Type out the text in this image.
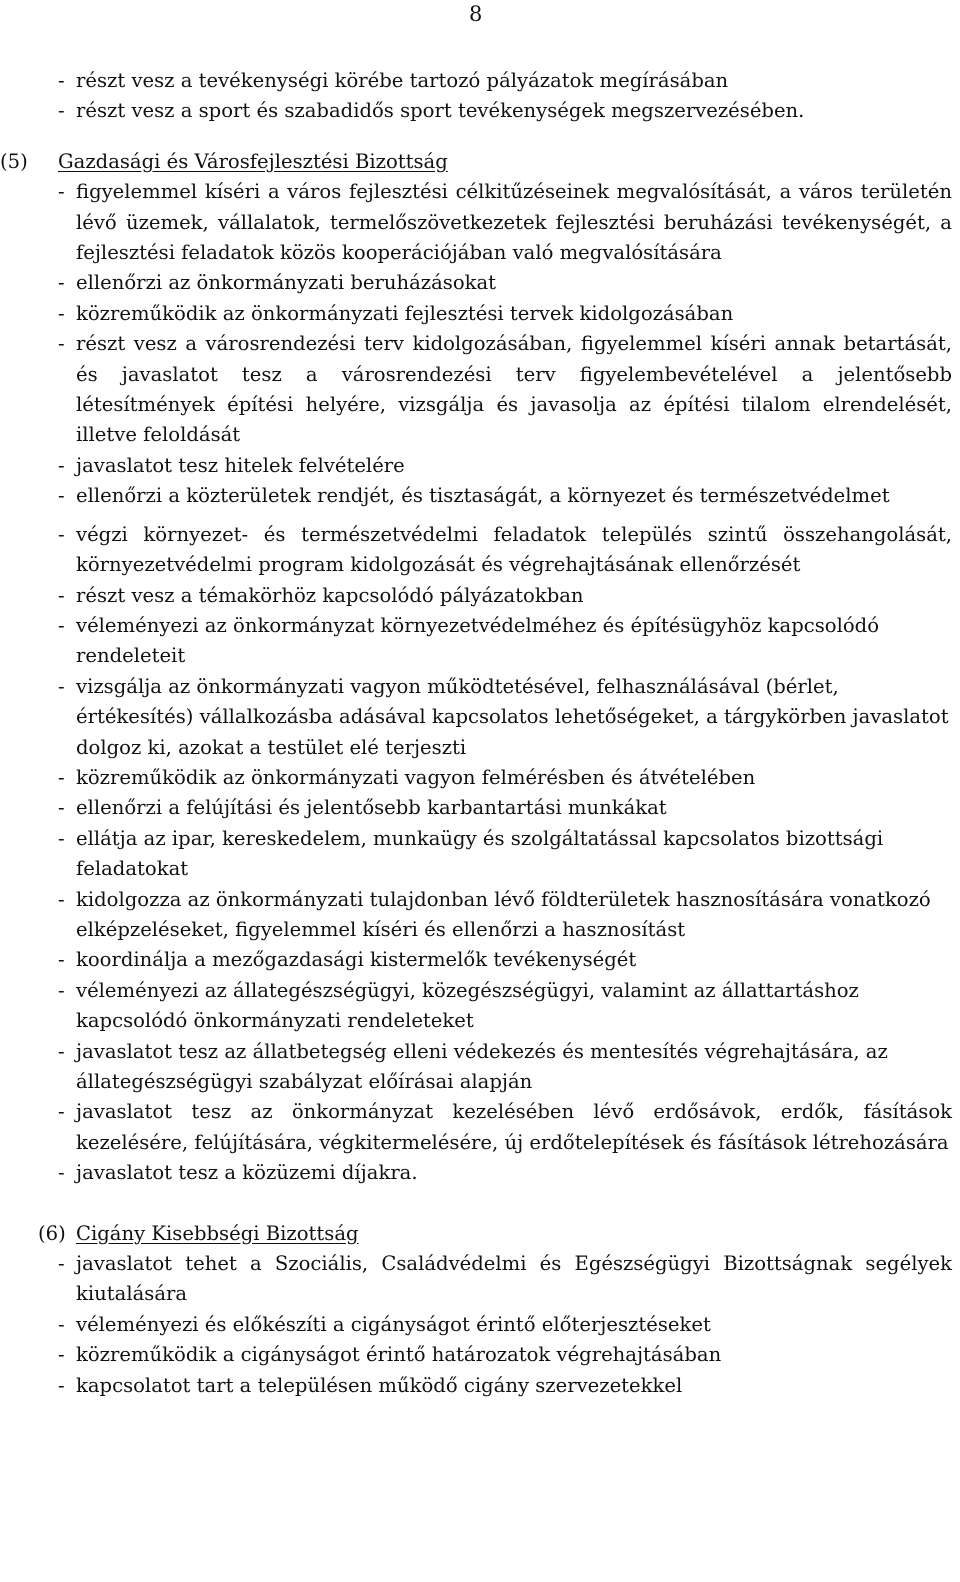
8
- részt vesz a tevékenységi körébe tartozó pályázatok megírásában
- részt vesz a sport és szabadidős sport tevékenységek megszervezésében.
(5) Gazdasági és Városfejlesztési Bizottság
- figyelemmel kíséri a város fejlesztési célkitűzéseinek megvalósítását, a város területén lévő üzemek, vállalatok, termelőszövetkezetek fejlesztési beruházási tevékenységét, a fejlesztési feladatok közös kooperációjában való megvalósítására
- ellenőrzi az önkormányzati beruházásokat
- közreműködik az önkormányzati fejlesztési tervek kidolgozásában
- részt vesz a városrendezési terv kidolgozásában, figyelemmel kíséri annak betartását, és javaslatot tesz a városrendezési terv figyelembevételével a jelentősebb létesítmények építési helyére, vizsgálja és javasolja az építési tilalom elrendelését, illetve feloldását
- javaslatot tesz hitelek felvételére
- ellenőrzi a közterületek rendjét, és tisztaságát, a környezet és természetvédelmet
- végzi környezet- és természetvédelmi feladatok település szintű összehangolását, környezetvédelmi program kidolgozását és végrehajtásának ellenőrzését
- részt vesz a témakörhöz kapcsolódó pályázatokban
- véleményezi az önkormányzat környezetvédelméhez és építésügyhöz kapcsolódó rendeleteit
- vizsgálja az önkormányzati vagyon működtetésével, felhasználásával (bérlet, értékesítés) vállalkozásba adásával kapcsolatos lehetőségeket, a tárgykörben javaslatot dolgoz ki, azokat a testület elé terjeszti
- közreműködik az önkormányzati vagyon felmérésben és átvételében
- ellenőrzi a felújítási és jelentősebb karbantartási munkákat
- ellátja az ipar, kereskedelem, munkaügy és szolgáltatással kapcsolatos bizottsági feladatokat
- kidolgozza az önkormányzati tulajdonban lévő földterületek hasznosítására vonatkozó elképzeléseket, figyelemmel kíséri és ellenőrzi a hasznosítást
- koordinálja a mezőgazdasági kistermelők tevékenységét
- véleményezi az állategészségügyi, közegészségügyi, valamint az állattartáshoz kapcsolódó önkormányzati rendeleteket
- javaslatot tesz az állatbetegség elleni védekezés és mentesítés végrehajtására, az állategészségügyi szabályzat előírásai alapján
- javaslatot tesz az önkormányzat kezelésében lévő erdősávok, erdők, fásítások kezelésére, felújítására, végkitermelésére, új erdőtelepítések és fásítások létrehozására
- javaslatot tesz a közüzemi díjakra.
(6) Cigány Kisebbségi Bizottság
- javaslatot tehet a Szociális, Családvédelmi és Egészségügyi Bizottságnak segélyek kiutalására
- véleményezi és előkészíti a cigányságot érintő előterjesztéseket
- közreműködik a cigányságot érintő határozatok végrehajtásában
- kapcsolatot tart a településen működő cigány szervezetekkel
